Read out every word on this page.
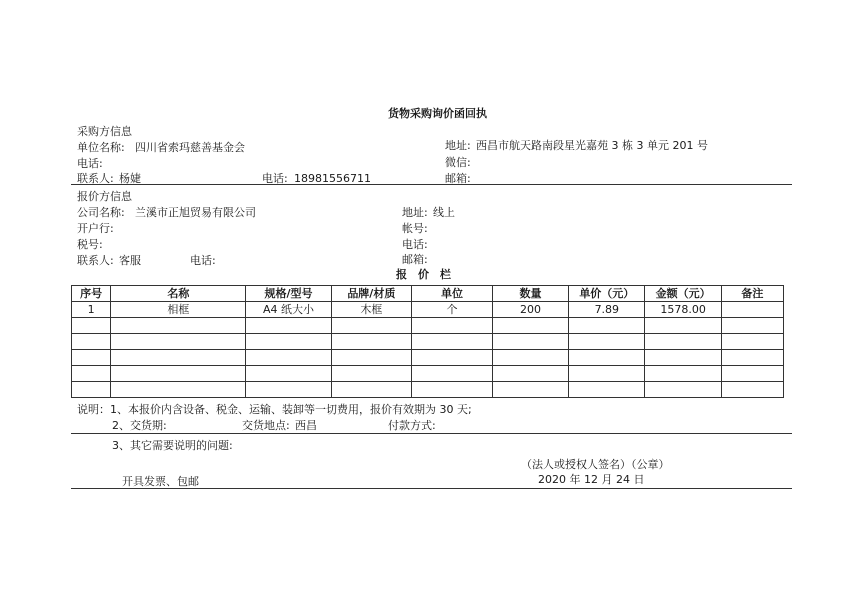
货物采购询价函回执
采购方信息
单位名称: 四川省索玛慈善基金会	地址: 西昌市航天路南段星光嘉苑 3 栋 3 单元 201 号
电话:	微信:
联系人: 杨婕	电话: 18981556711	邮箱:
报价方信息
公司名称: 兰溪市正旭贸易有限公司	地址: 线上
开户行:	帐号:
税号:	电话:
联系人: 客服	电话:	邮箱:
报　价　栏
序号	名称	规格/型号	品牌/材质	单位	数量	单价（元）	金额（元）	备注
1	相框	A4 纸大小	木框	个	200	7.89	1578.00	

说明：1、本报价内含设备、税金、运输、装卸等一切费用，报价有效期为 30 天;
2、交货期:	交货地点: 西昌	付款方式:
3、其它需要说明的问题:
（法人或授权人签名）（公章）
开具发票、包邮	2020 年 12 月 24 日
